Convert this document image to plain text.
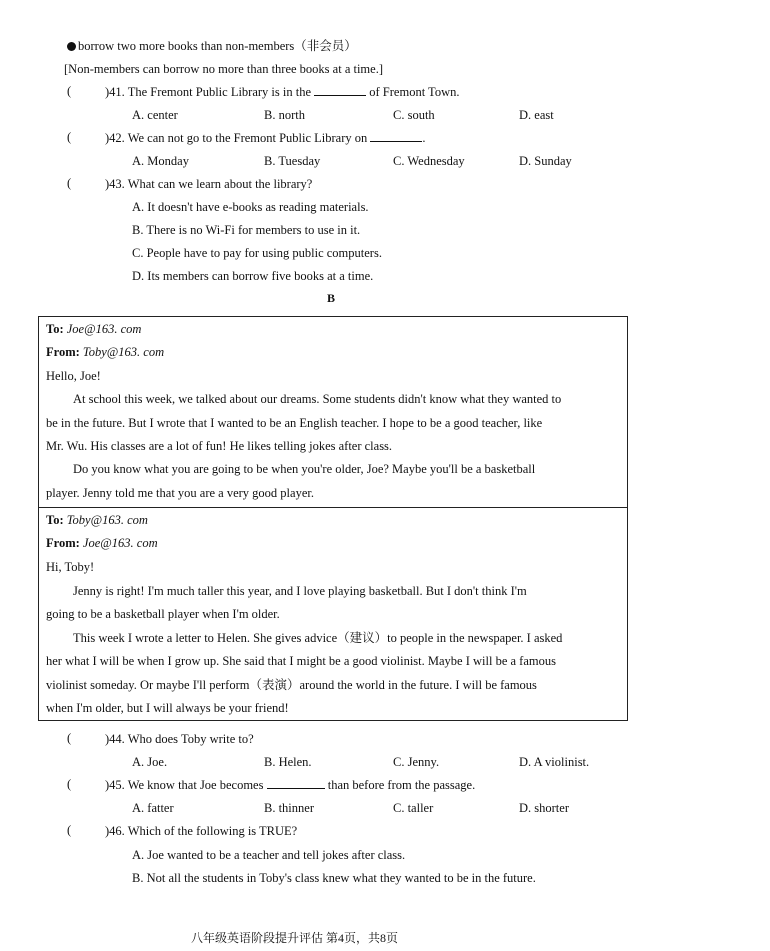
borrow two more books than non-members（非会员）
[Non-members can borrow no more than three books at a time.]
(	)41. The Fremont Public Library is in the	of Fremont Town.
A. center	B. north	C. south	D. east
(	)42. We can not go to the Fremont Public Library on	.
A. Monday	B. Tuesday	C. Wednesday	D. Sunday
(	)43. What can we learn about the library?
A. It doesn't have e-books as reading materials.
B. There is no Wi-Fi for members to use in it.
C. People have to pay for using public computers.
D. Its members can borrow five books at a time.
B
To: Joe@163. com
From: Toby@163. com
Hello, Joe!
At school this week, we talked about our dreams. Some students didn't know what they wanted to
be in the future. But I wrote that I wanted to be an English teacher. I hope to be a good teacher, like
Mr. Wu. His classes are a lot of fun! He likes telling jokes after class.
Do you know what you are going to be when you're older, Joe? Maybe you'll be a basketball
player. Jenny told me that you are a very good player.
To: Toby@163. com
From: Joe@163. com
Hi, Toby!
Jenny is right! I'm much taller this year, and I love playing basketball. But I don't think I'm
going to be a basketball player when I'm older.
This week I wrote a letter to Helen. She gives advice（建议）to people in the newspaper. I asked
her what I will be when I grow up. She said that I might be a good violinist. Maybe I will be a famous
violinist someday. Or maybe I'll perform（表演）around the world in the future. I will be famous
when I'm older, but I will always be your friend!
(	)44. Who does Toby write to?
A. Joe.	B. Helen.	C. Jenny.	D. A violinist.
(	)45. We know that Joe becomes	than before from the passage.
A. fatter	B. thinner	C. taller	D. shorter
(	)46. Which of the following is TRUE?
A. Joe wanted to be a teacher and tell jokes after class.
B. Not all the students in Toby's class knew what they wanted to be in the future.
八年级英语阶段提升评估 第4页，共8页
